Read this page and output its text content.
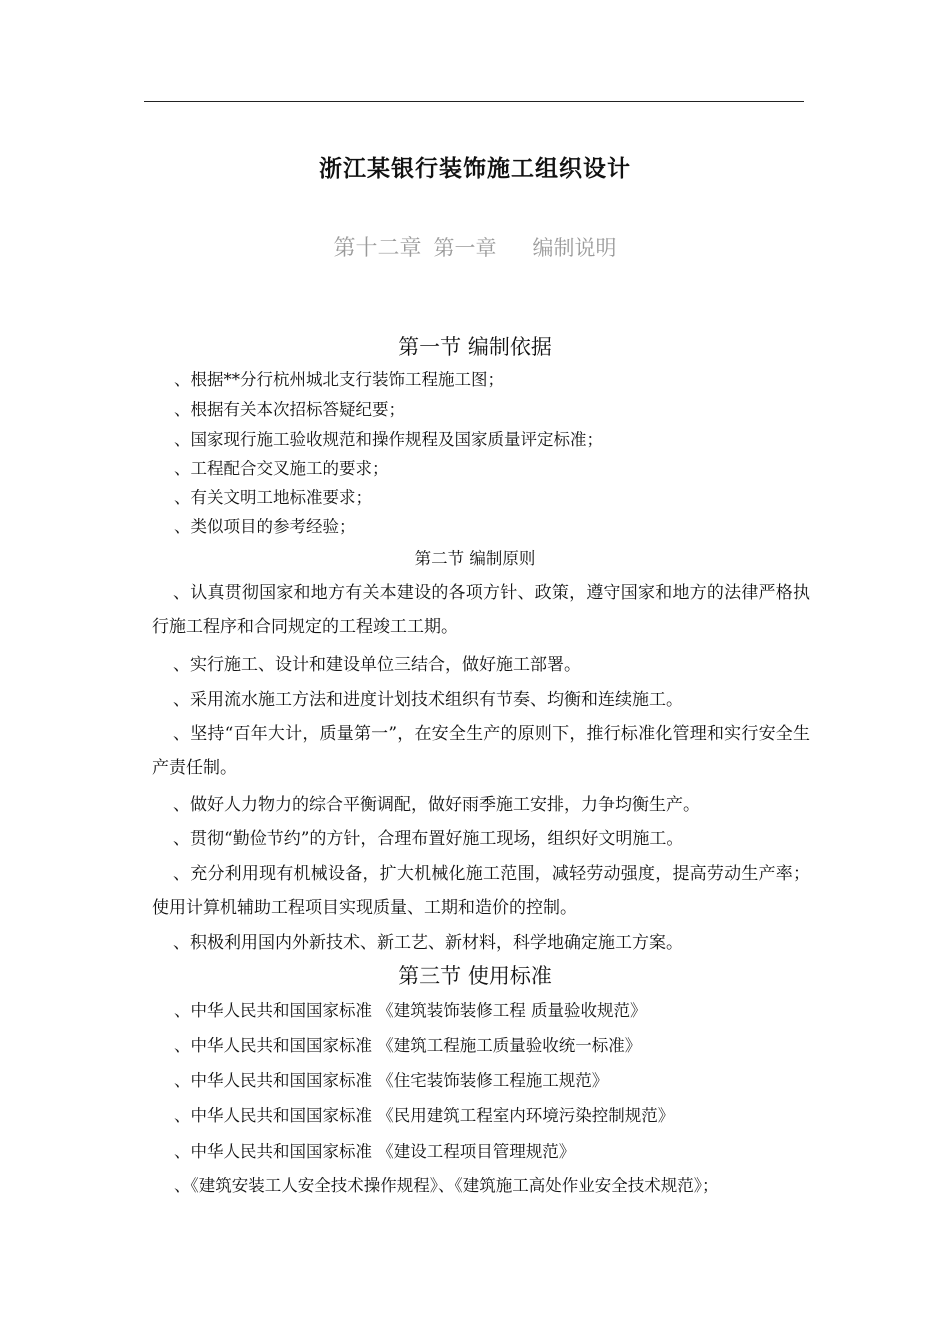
浙江某银行装饰施工组织设计
第十二章 第一章 编制说明
第一节 编制依据
、根据**分行杭州城北支行装饰工程施工图；
、根据有关本次招标答疑纪要；
、国家现行施工验收规范和操作规程及国家质量评定标准；
、工程配合交叉施工的要求；
、有关文明工地标准要求；
、类似项目的参考经验；
第二节 编制原则
、认真贯彻国家和地方有关本建设的各项方针、政策，遵守国家和地方的法律严格执行施工程序和合同规定的工程竣工工期。
、实行施工、设计和建设单位三结合，做好施工部署。
、采用流水施工方法和进度计划技术组织有节奏、均衡和连续施工。
、坚持“百年大计，质量第一”，在安全生产的原则下，推行标准化管理和实行安全生产责任制。
、做好人力物力的综合平衡调配，做好雨季施工安排，力争均衡生产。
、贯彻“勤俭节约”的方针，合理布置好施工现场，组织好文明施工。
、充分利用现有机械设备，扩大机械化施工范围，减轻劳动强度，提高劳动生产率；使用计算机辅助工程项目实现质量、工期和造价的控制。
、积极利用国内外新技术、新工艺、新材料，科学地确定施工方案。
第三节 使用标准
、中华人民共和国国家标准 《建筑装饰装修工程 质量验收规范》
、中华人民共和国国家标准 《建筑工程施工质量验收统一标准》
、中华人民共和国国家标准 《住宅装饰装修工程施工规范》
、中华人民共和国国家标准 《民用建筑工程室内环境污染控制规范》
、中华人民共和国国家标准 《建设工程项目管理规范》
、《建筑安装工人安全技术操作规程》、《建筑施工高处作业安全技术规范》；
